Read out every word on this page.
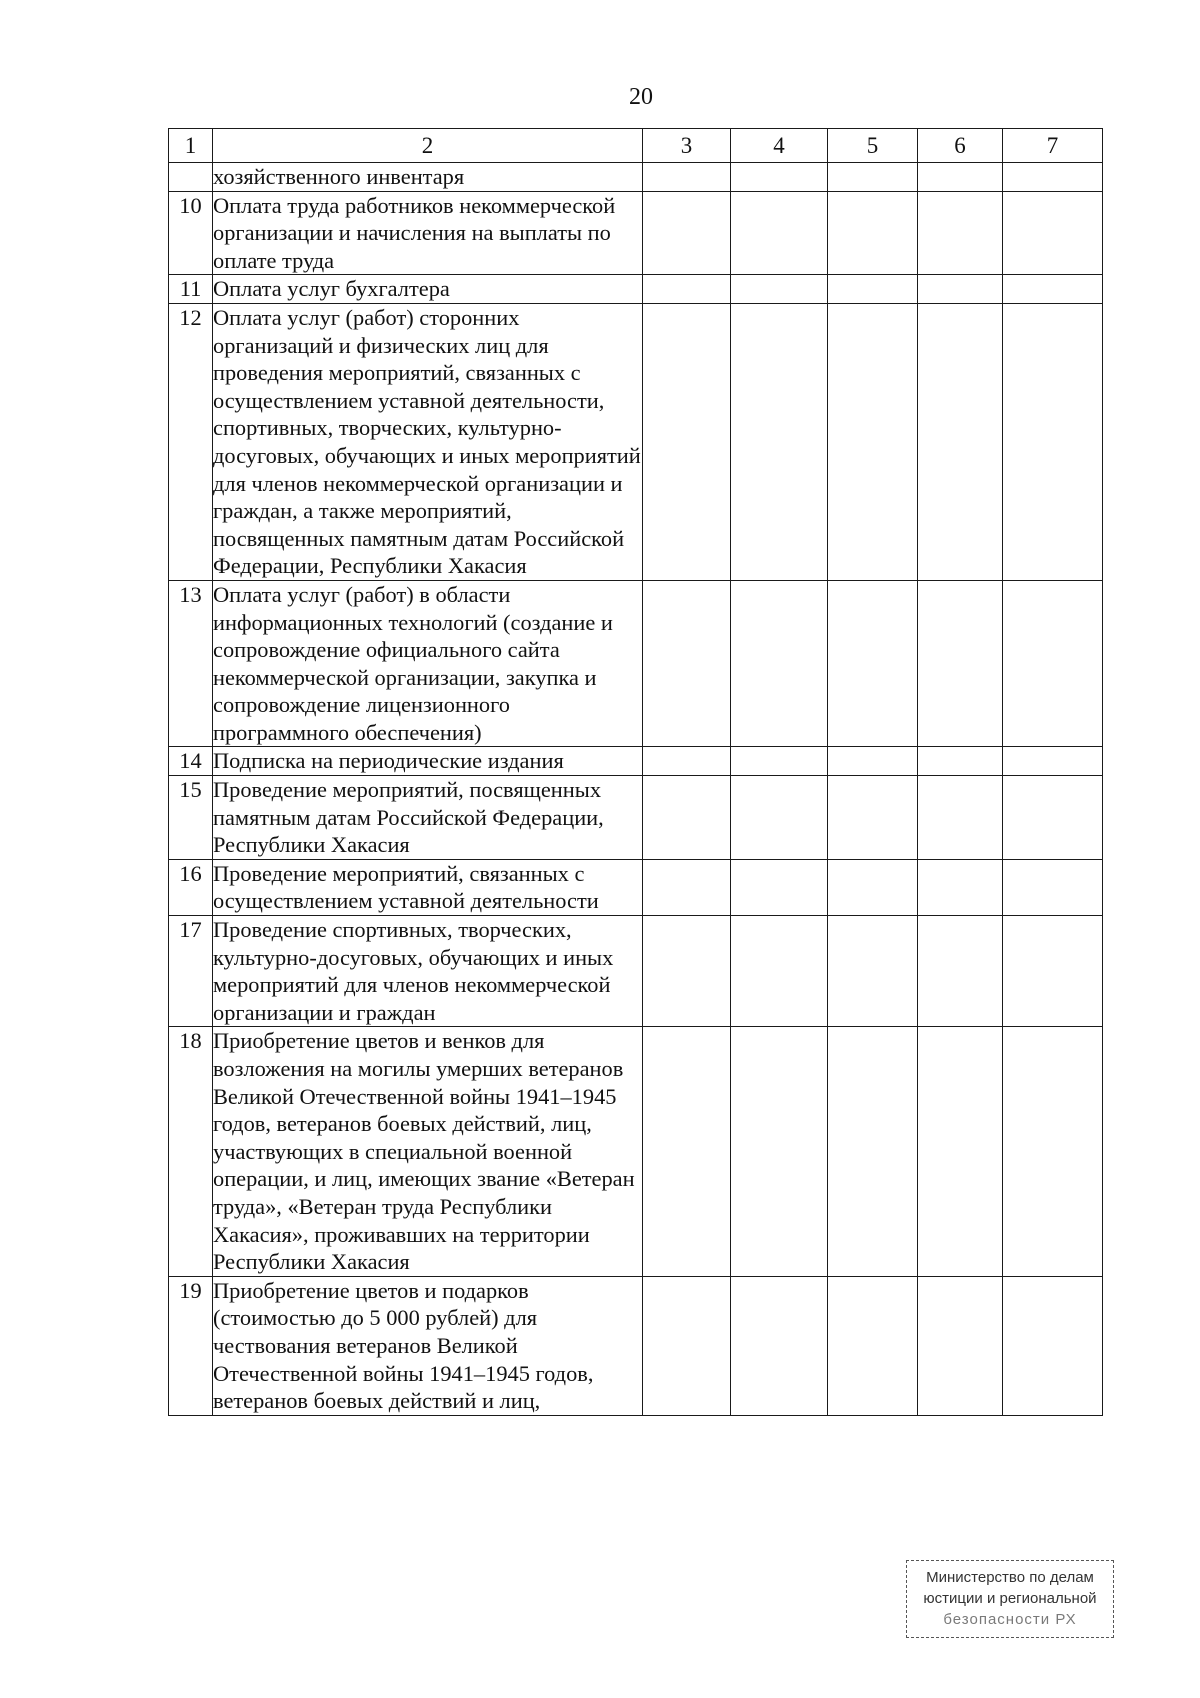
20
1	2	3	4	5	6	7
	хозяйственного инвентаря					
10	Оплата труда работников некоммерческой организации и начисления на выплаты по оплате труда					
11	Оплата услуг бухгалтера					
12	Оплата услуг (работ) сторонних организаций и физических лиц для проведения мероприятий, связанных с осуществлением уставной деятельности, спортивных, творческих, культурно-досуговых, обучающих и иных мероприятий для членов некоммерческой организации и граждан, а также мероприятий, посвященных памятным датам Российской Федерации, Республики Хакасия					
13	Оплата услуг (работ) в области информационных технологий (создание и сопровождение официального сайта некоммерческой организации, закупка и сопровождение лицензионного программного обеспечения)					
14	Подписка на периодические издания					
15	Проведение мероприятий, посвященных памятным датам Российской Федерации, Республики Хакасия					
16	Проведение мероприятий, связанных с осуществлением уставной деятельности					
17	Проведение спортивных, творческих, культурно-досуговых, обучающих и иных мероприятий для членов некоммерческой организации и граждан					
18	Приобретение цветов и венков для возложения на могилы умерших ветеранов Великой Отечественной войны 1941–1945 годов, ветеранов боевых действий, лиц, участвующих в специальной военной операции, и лиц, имеющих звание «Ветеран труда», «Ветеран труда Республики Хакасия», проживавших на территории Республики Хакасия					
19	Приобретение цветов и подарков (стоимостью до 5 000 рублей) для чествования ветеранов Великой Отечественной войны 1941–1945 годов, ветеранов боевых действий и лиц,					
Министерство по делам
юстиции и региональной
безопасности РХ
